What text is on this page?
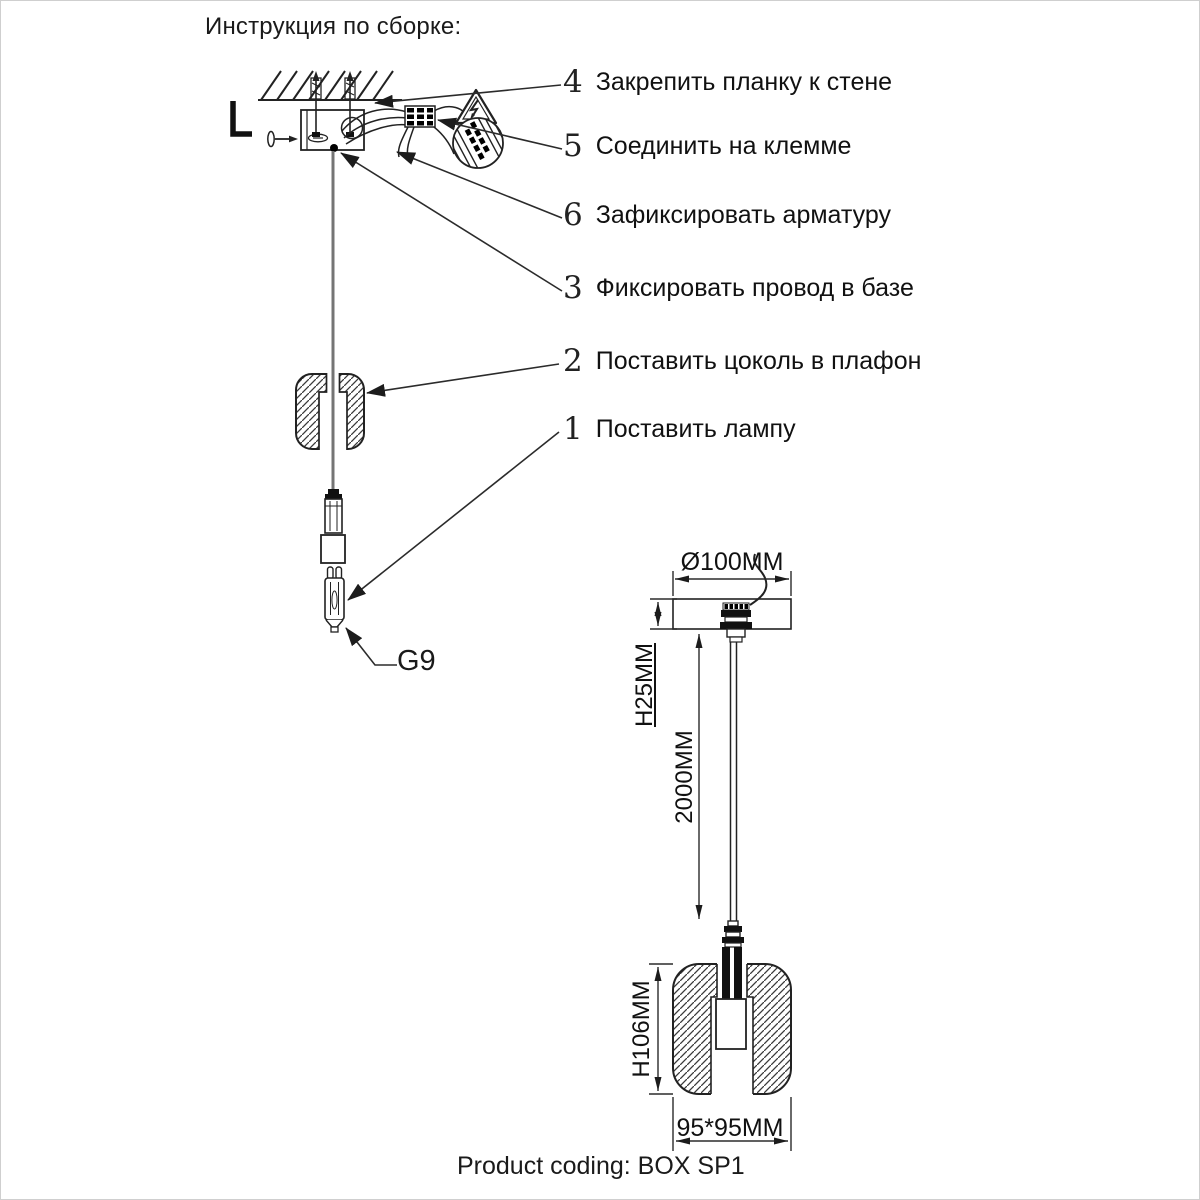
Инструкция по сборке:
4 Закрепить планку к стене
5 Соединить на клемме
6 Зафиксировать арматуру
3 Фиксировать провод в базе
2 Поставить цоколь в плафон
1 Поставить лампу
G9
Ø100MM
H25MM
2000MM
H106MM
95*95MM
Product coding: BOX SP1
